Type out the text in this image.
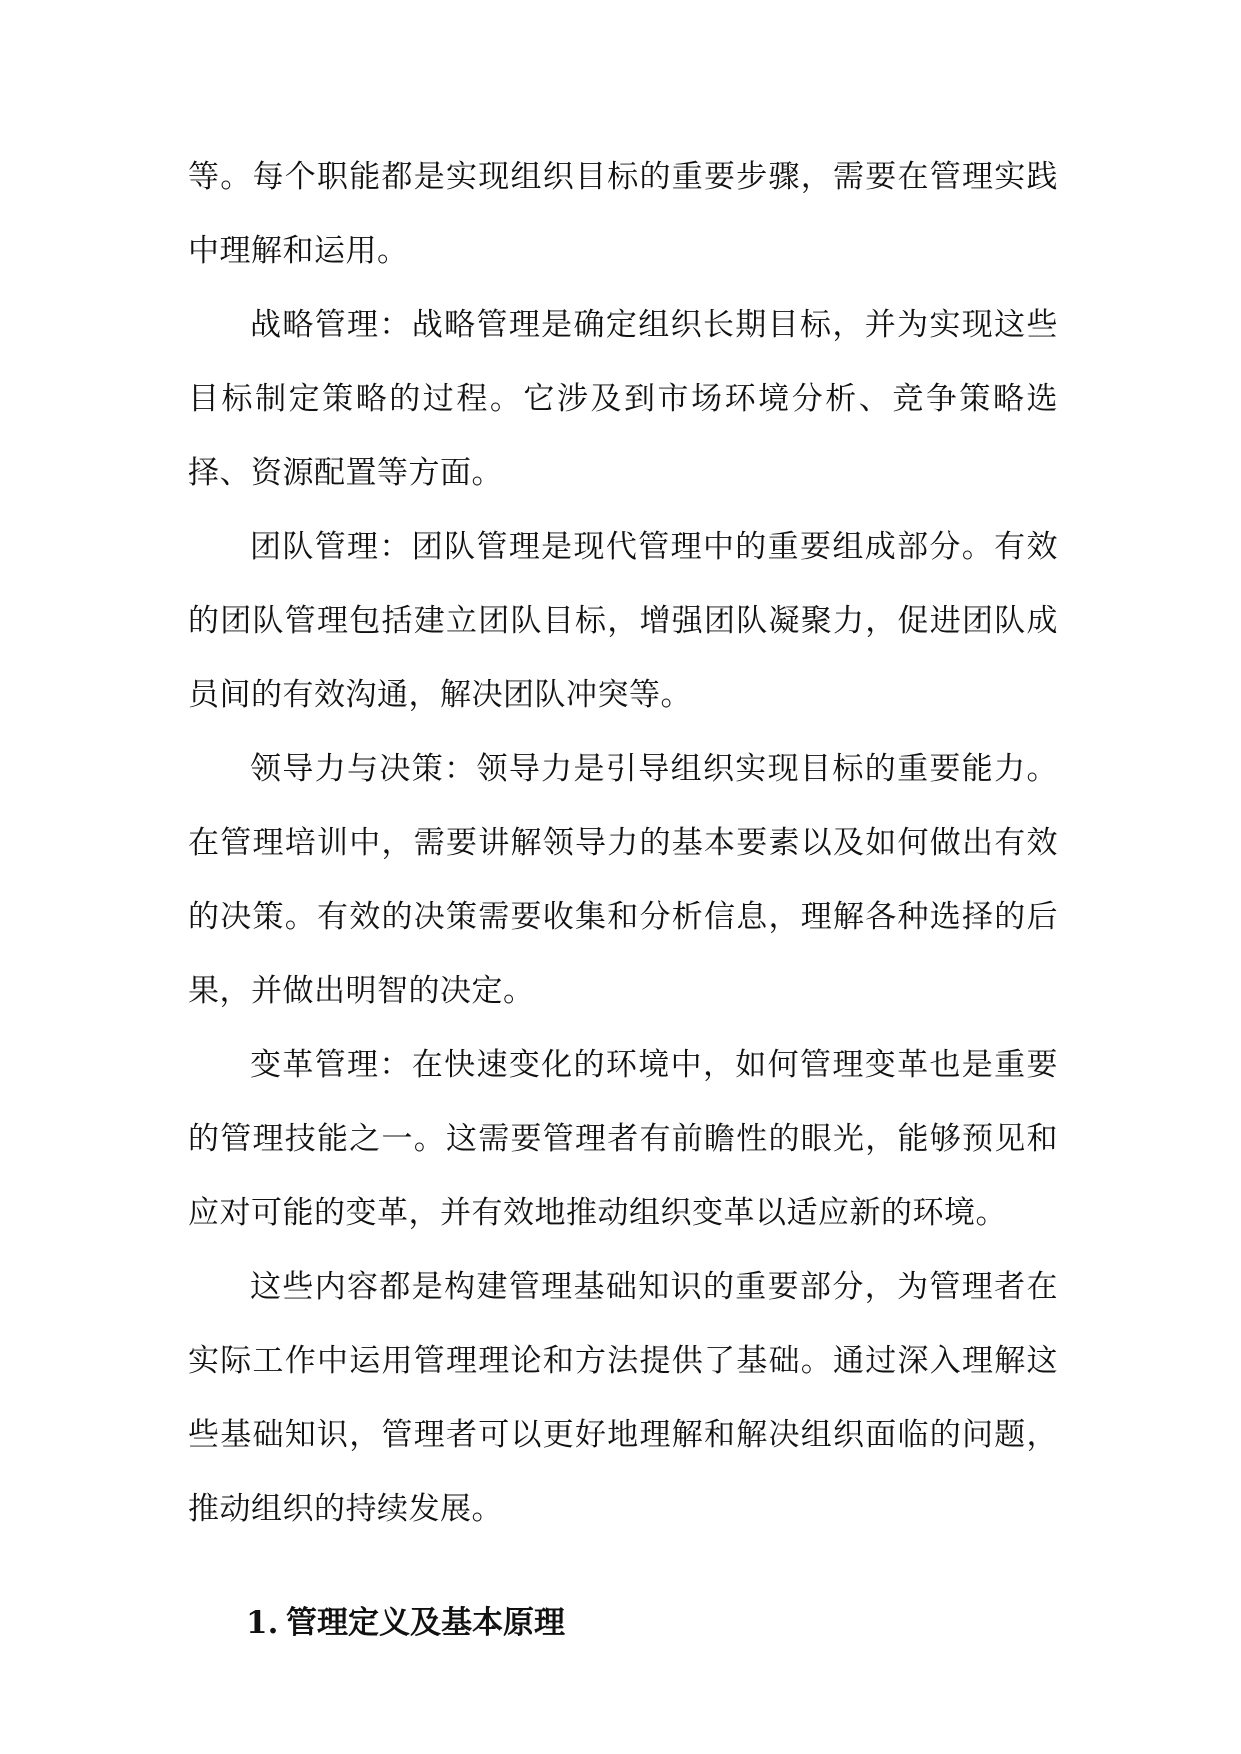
等。每个职能都是实现组织目标的重要步骤，需要在管理实践中理解和运用。

战略管理：战略管理是确定组织长期目标，并为实现这些目标制定策略的过程。它涉及到市场环境分析、竞争策略选择、资源配置等方面。

团队管理：团队管理是现代管理中的重要组成部分。有效的团队管理包括建立团队目标，增强团队凝聚力，促进团队成员间的有效沟通，解决团队冲突等。

领导力与决策：领导力是引导组织实现目标的重要能力。在管理培训中，需要讲解领导力的基本要素以及如何做出有效的决策。有效的决策需要收集和分析信息，理解各种选择的后果，并做出明智的决定。

变革管理：在快速变化的环境中，如何管理变革也是重要的管理技能之一。这需要管理者有前瞻性的眼光，能够预见和应对可能的变革，并有效地推动组织变革以适应新的环境。

这些内容都是构建管理基础知识的重要部分，为管理者在实际工作中运用管理理论和方法提供了基础。通过深入理解这些基础知识，管理者可以更好地理解和解决组织面临的问题，推动组织的持续发展。

1. 管理定义及基本原理
